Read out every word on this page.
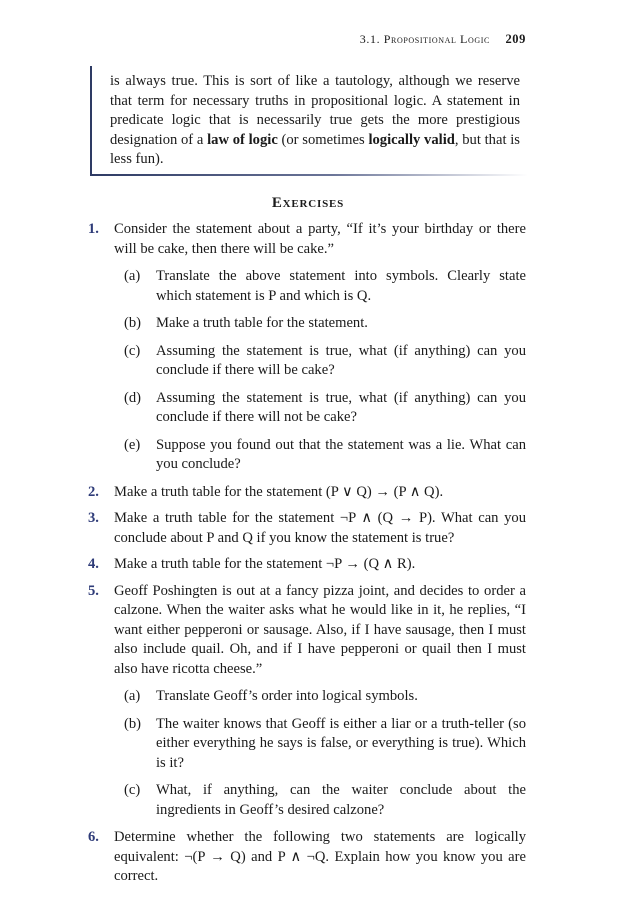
3.1. Propositional Logic 209

is always true. This is sort of like a tautology, although we reserve that term for necessary truths in propositional logic. A statement in predicate logic that is necessarily true gets the more prestigious designation of a law of logic (or sometimes logically valid, but that is less fun).

Exercises
1. Consider the statement about a party, “If it’s your birthday or there will be cake, then there will be cake.”
(a) Translate the above statement into symbols. Clearly state which statement is P and which is Q.
(b) Make a truth table for the statement.
(c) Assuming the statement is true, what (if anything) can you conclude if there will be cake?
(d) Assuming the statement is true, what (if anything) can you conclude if there will not be cake?
(e) Suppose you found out that the statement was a lie. What can you conclude?
2. Make a truth table for the statement (P ∨ Q) → (P ∧ Q).
3. Make a truth table for the statement ¬P ∧ (Q → P). What can you conclude about P and Q if you know the statement is true?
4. Make a truth table for the statement ¬P → (Q ∧ R).
5. Geoff Poshingten is out at a fancy pizza joint, and decides to order a calzone. When the waiter asks what he would like in it, he replies, “I want either pepperoni or sausage. Also, if I have sausage, then I must also include quail. Oh, and if I have pepperoni or quail then I must also have ricotta cheese.”
(a) Translate Geoff’s order into logical symbols.
(b) The waiter knows that Geoff is either a liar or a truth-teller (so either everything he says is false, or everything is true). Which is it?
(c) What, if anything, can the waiter conclude about the ingredients in Geoff’s desired calzone?
6. Determine whether the following two statements are logically equivalent: ¬(P → Q) and P ∧ ¬Q. Explain how you know you are correct.
